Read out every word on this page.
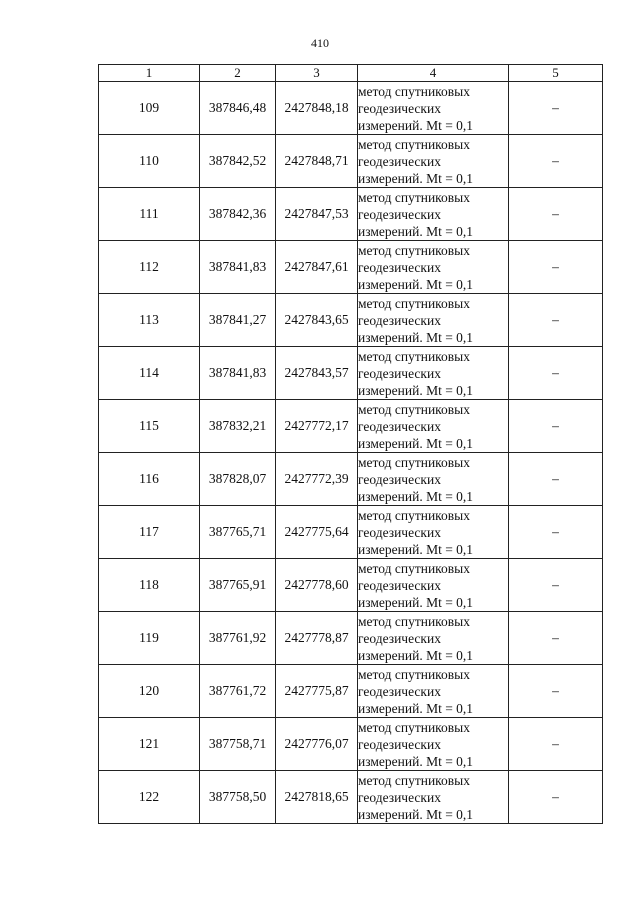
410
1	2	3	4	5
109	387846,48	2427848,18	метод спутниковых
геодезических
измерений. Mt = 0,1	–
110	387842,52	2427848,71	метод спутниковых
геодезических
измерений. Mt = 0,1	–
111	387842,36	2427847,53	метод спутниковых
геодезических
измерений. Mt = 0,1	–
112	387841,83	2427847,61	метод спутниковых
геодезических
измерений. Mt = 0,1	–
113	387841,27	2427843,65	метод спутниковых
геодезических
измерений. Mt = 0,1	–
114	387841,83	2427843,57	метод спутниковых
геодезических
измерений. Mt = 0,1	–
115	387832,21	2427772,17	метод спутниковых
геодезических
измерений. Mt = 0,1	–
116	387828,07	2427772,39	метод спутниковых
геодезических
измерений. Mt = 0,1	–
117	387765,71	2427775,64	метод спутниковых
геодезических
измерений. Mt = 0,1	–
118	387765,91	2427778,60	метод спутниковых
геодезических
измерений. Mt = 0,1	–
119	387761,92	2427778,87	метод спутниковых
геодезических
измерений. Mt = 0,1	–
120	387761,72	2427775,87	метод спутниковых
геодезических
измерений. Mt = 0,1	–
121	387758,71	2427776,07	метод спутниковых
геодезических
измерений. Mt = 0,1	–
122	387758,50	2427818,65	метод спутниковых
геодезических
измерений. Mt = 0,1	–
